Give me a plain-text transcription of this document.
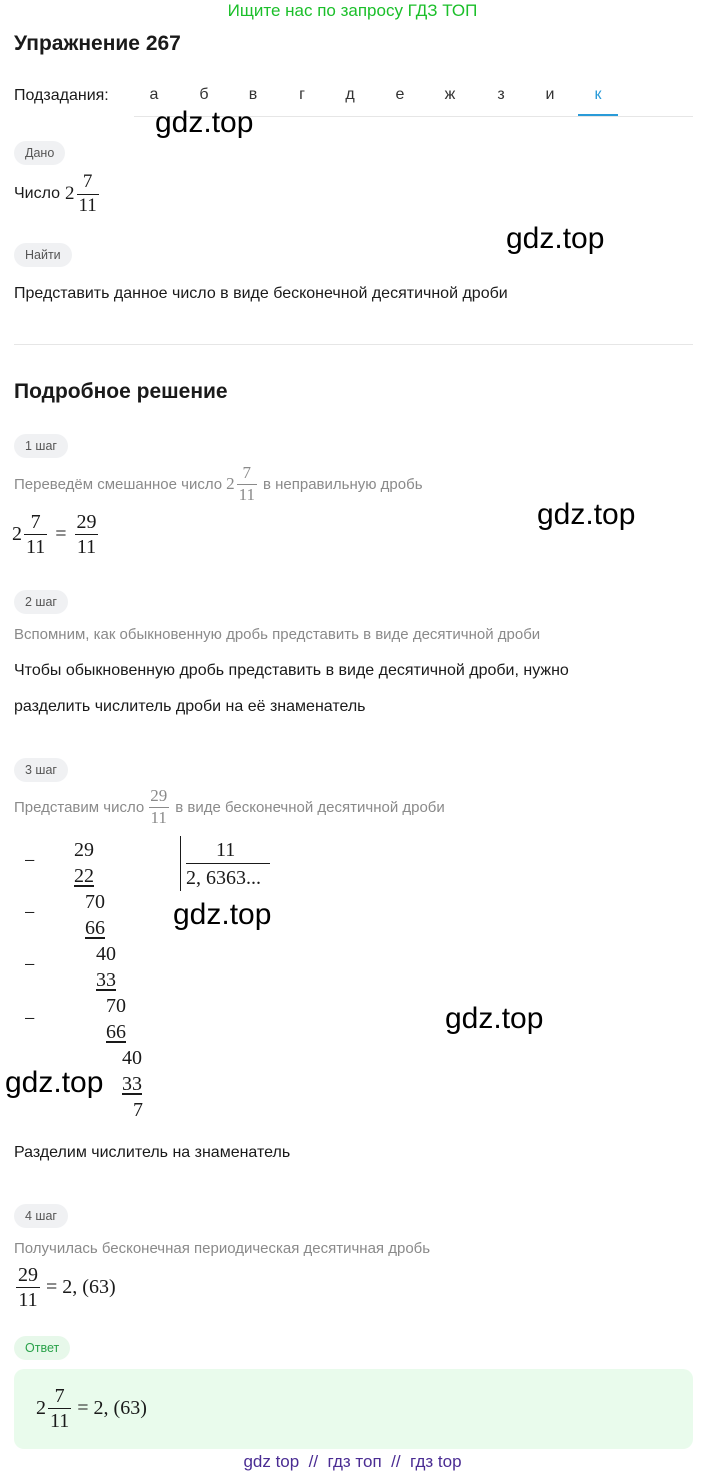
Ищите нас по запросу ГДЗ ТОП
Упражнение 267
Подзадания:	а	б	в	г	д	е	ж	з	и	к
gdz.top
gdz.top
gdz.top
gdz.top
gdz.top
gdz.top
Дано
Число $2 \frac{7}{11}$
Найти
Представить данное число в виде бесконечной десятичной дроби
Подробное решение
1 шаг
Переведём смешанное число $2 \frac{7}{11}$ в неправильную дробь
$2 \frac{7}{11} = \frac{29}{11}$
2 шаг
Вспомним, как обыкновенную дробь представить в виде десятичной дроби
Чтобы обыкновенную дробь представить в виде десятичной дроби, нужно
разделить числитель дроби на её знаменатель
3 шаг
Представим число $\frac{29}{11}$ в виде бесконечной десятичной дроби
−
−
−
−
29
22
70
66
40
33
70
66
40
33
7
11
2, 6363...
Разделим числитель на знаменатель
4 шаг
Получилась бесконечная периодическая десятичная дробь
$\frac{29}{11} = 2$, (63)
Ответ
$2 \frac{7}{11} = 2$, (63)
gdz top  //  гдз топ  //  гдз top
